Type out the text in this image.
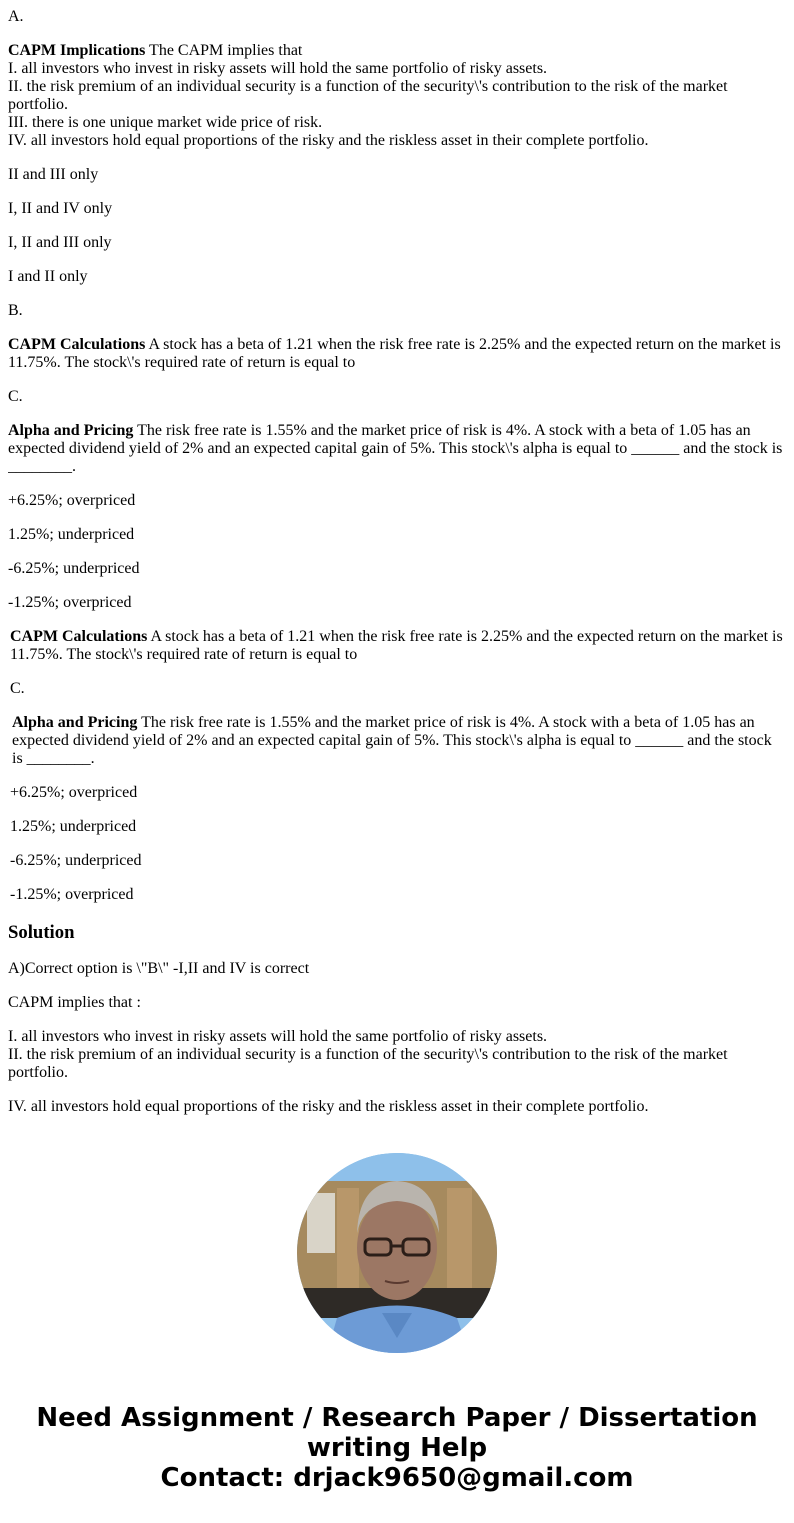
A.

CAPM Implications The CAPM implies that
I. all investors who invest in risky assets will hold the same portfolio of risky assets.
II. the risk premium of an individual security is a function of the security\'s contribution to the risk of the market portfolio.
III. there is one unique market wide price of risk.
IV. all investors hold equal proportions of the risky and the riskless asset in their complete portfolio.

II and III only

I, II and IV only

I, II and III only

I and II only

B.

CAPM Calculations A stock has a beta of 1.21 when the risk free rate is 2.25% and the expected return on the market is 11.75%. The stock\'s required rate of return is equal to

C.

Alpha and Pricing The risk free rate is 1.55% and the market price of risk is 4%. A stock with a beta of 1.05 has an expected dividend yield of 2% and an expected capital gain of 5%. This stock\'s alpha is equal to ______ and the stock is ________.

+6.25%; overpriced

1.25%; underpriced

-6.25%; underpriced

-1.25%; overpriced

CAPM Calculations A stock has a beta of 1.21 when the risk free rate is 2.25% and the expected return on the market is 11.75%. The stock\'s required rate of return is equal to

C.

Alpha and Pricing The risk free rate is 1.55% and the market price of risk is 4%. A stock with a beta of 1.05 has an expected dividend yield of 2% and an expected capital gain of 5%. This stock\'s alpha is equal to ______ and the stock is ________.

+6.25%; overpriced

1.25%; underpriced

-6.25%; underpriced

-1.25%; overpriced

Solution

A)Correct option is \"B\" -I,II and IV is correct

CAPM implies that :

I. all investors who invest in risky assets will hold the same portfolio of risky assets.
II. the risk premium of an individual security is a function of the security\'s contribution to the risk of the market portfolio.

IV. all investors hold equal proportions of the risky and the riskless asset in their complete portfolio.

Need Assignment / Research Paper / Dissertation
writing Help
Contact: drjack9650@gmail.com
